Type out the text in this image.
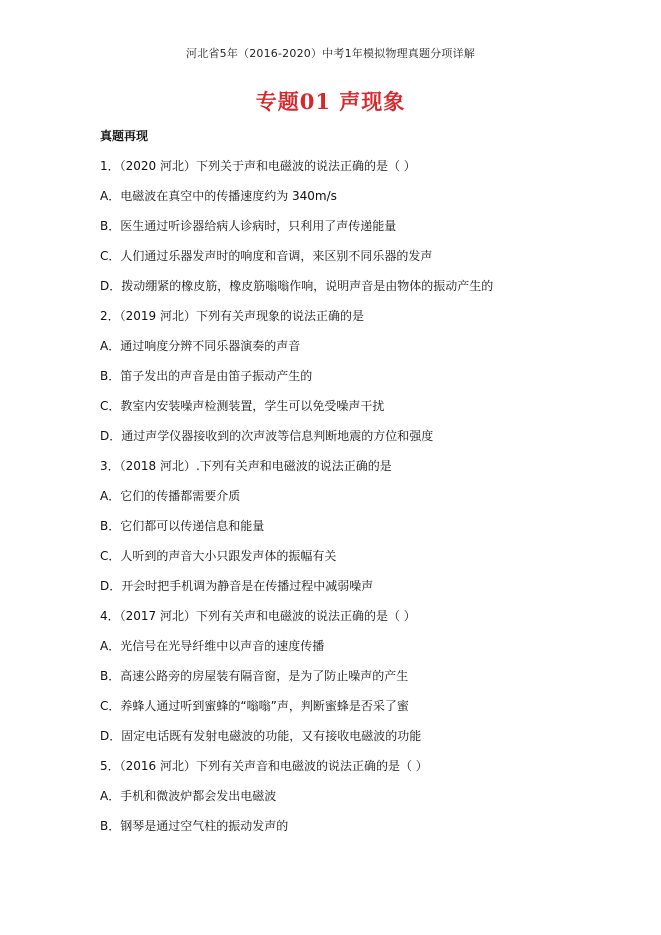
河北省5年（2016-2020）中考1年模拟物理真题分项详解
专题01 声现象
真题再现
1．（2020 河北）下列关于声和电磁波的说法正确的是（ ）
A．电磁波在真空中的传播速度约为 340m/s
B．医生通过听诊器给病人诊病时，只利用了声传递能量
C．人们通过乐器发声时的响度和音调，来区别不同乐器的发声
D．拨动绷紧的橡皮筋，橡皮筋嗡嗡作响，说明声音是由物体的振动产生的
2．（2019 河北）下列有关声现象的说法正确的是
A．通过响度分辨不同乐器演奏的声音
B．笛子发出的声音是由笛子振动产生的
C．教室内安装噪声检测装置，学生可以免受噪声干扰
D．通过声学仪器接收到的次声波等信息判断地震的方位和强度
3．（2018 河北）.下列有关声和电磁波的说法正确的是
A．它们的传播都需要介质
B．它们都可以传递信息和能量
C．人听到的声音大小只跟发声体的振幅有关
D．开会时把手机调为静音是在传播过程中减弱噪声
4．（2017 河北）下列有关声和电磁波的说法正确的是（ ）
A．光信号在光导纤维中以声音的速度传播
B．高速公路旁的房屋装有隔音窗，是为了防止噪声的产生
C．养蜂人通过听到蜜蜂的“嗡嗡”声，判断蜜蜂是否采了蜜
D．固定电话既有发射电磁波的功能，又有接收电磁波的功能
5．（2016 河北）下列有关声音和电磁波的说法正确的是（ ）
A．手机和微波炉都会发出电磁波
B．钢琴是通过空气柱的振动发声的
